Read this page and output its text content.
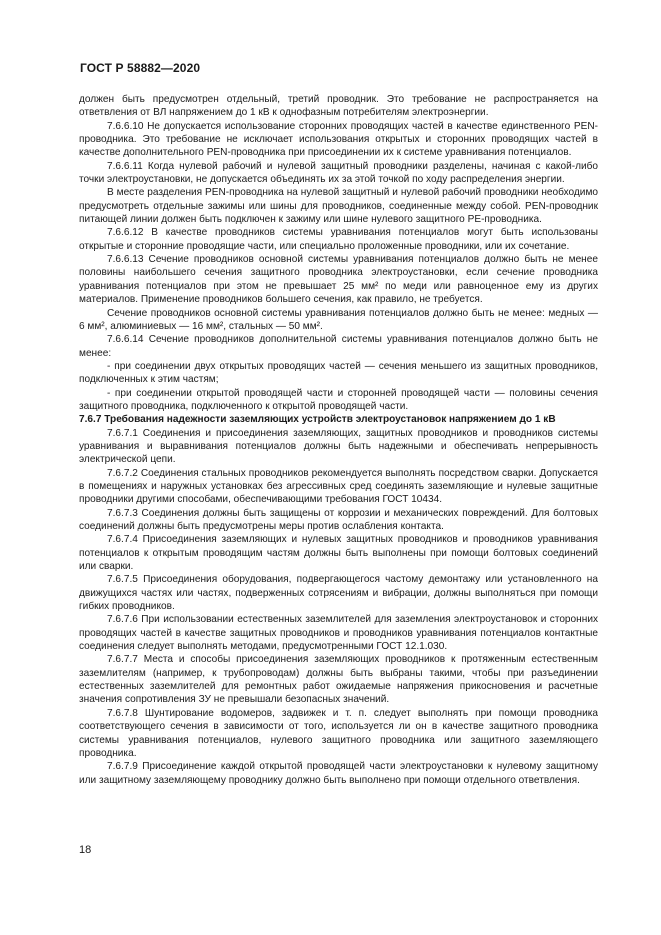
ГОСТ Р 58882—2020

должен быть предусмотрен отдельный, третий проводник. Это требование не распространяется на ответвления от ВЛ напряжением до 1 кВ к однофазным потребителям электроэнергии.

7.6.6.10 Не допускается использование сторонних проводящих частей в качестве единственного PEN-проводника. Это требование не исключает использования открытых и сторонних проводящих частей в качестве дополнительного PEN-проводника при присоединении их к системе уравнивания потенциалов.

7.6.6.11 Когда нулевой рабочий и нулевой защитный проводники разделены, начиная с какой-либо точки электроустановки, не допускается объединять их за этой точкой по ходу распределения энергии.

В месте разделения PEN-проводника на нулевой защитный и нулевой рабочий проводники необходимо предусмотреть отдельные зажимы или шины для проводников, соединенные между собой. PEN-проводник питающей линии должен быть подключен к зажиму или шине нулевого защитного PE-проводника.

7.6.6.12 В качестве проводников системы уравнивания потенциалов могут быть использованы открытые и сторонние проводящие части, или специально проложенные проводники, или их сочетание.

7.6.6.13 Сечение проводников основной системы уравнивания потенциалов должно быть не менее половины наибольшего сечения защитного проводника электроустановки, если сечение проводника уравнивания потенциалов при этом не превышает 25 мм² по меди или равноценное ему из других материалов. Применение проводников большего сечения, как правило, не требуется.

Сечение проводников основной системы уравнивания потенциалов должно быть не менее: медных — 6 мм², алюминиевых — 16 мм², стальных — 50 мм².

7.6.6.14 Сечение проводников дополнительной системы уравнивания потенциалов должно быть не менее:

- при соединении двух открытых проводящих частей — сечения меньшего из защитных проводников, подключенных к этим частям;

- при соединении открытой проводящей части и сторонней проводящей части — половины сечения защитного проводника, подключенного к открытой проводящей части.

7.6.7 Требования надежности заземляющих устройств электроустановок напряжением до 1 кВ

7.6.7.1 Соединения и присоединения заземляющих, защитных проводников и проводников системы уравнивания и выравнивания потенциалов должны быть надежными и обеспечивать непрерывность электрической цепи.

7.6.7.2 Соединения стальных проводников рекомендуется выполнять посредством сварки. Допускается в помещениях и наружных установках без агрессивных сред соединять заземляющие и нулевые защитные проводники другими способами, обеспечивающими требования ГОСТ 10434.

7.6.7.3 Соединения должны быть защищены от коррозии и механических повреждений. Для болтовых соединений должны быть предусмотрены меры против ослабления контакта.

7.6.7.4 Присоединения заземляющих и нулевых защитных проводников и проводников уравнивания потенциалов к открытым проводящим частям должны быть выполнены при помощи болтовых соединений или сварки.

7.6.7.5 Присоединения оборудования, подвергающегося частому демонтажу или установленного на движущихся частях или частях, подверженных сотрясениям и вибрации, должны выполняться при помощи гибких проводников.

7.6.7.6 При использовании естественных заземлителей для заземления электроустановок и сторонних проводящих частей в качестве защитных проводников и проводников уравнивания потенциалов контактные соединения следует выполнять методами, предусмотренными ГОСТ 12.1.030.

7.6.7.7 Места и способы присоединения заземляющих проводников к протяженным естественным заземлителям (например, к трубопроводам) должны быть выбраны такими, чтобы при разъединении естественных заземлителей для ремонтных работ ожидаемые напряжения прикосновения и расчетные значения сопротивления ЗУ не превышали безопасных значений.

7.6.7.8 Шунтирование водомеров, задвижек и т. п. следует выполнять при помощи проводника соответствующего сечения в зависимости от того, используется ли он в качестве защитного проводника системы уравнивания потенциалов, нулевого защитного проводника или защитного заземляющего проводника.

7.6.7.9 Присоединение каждой открытой проводящей части электроустановки к нулевому защитному или защитному заземляющему проводнику должно быть выполнено при помощи отдельного ответвления.

18
